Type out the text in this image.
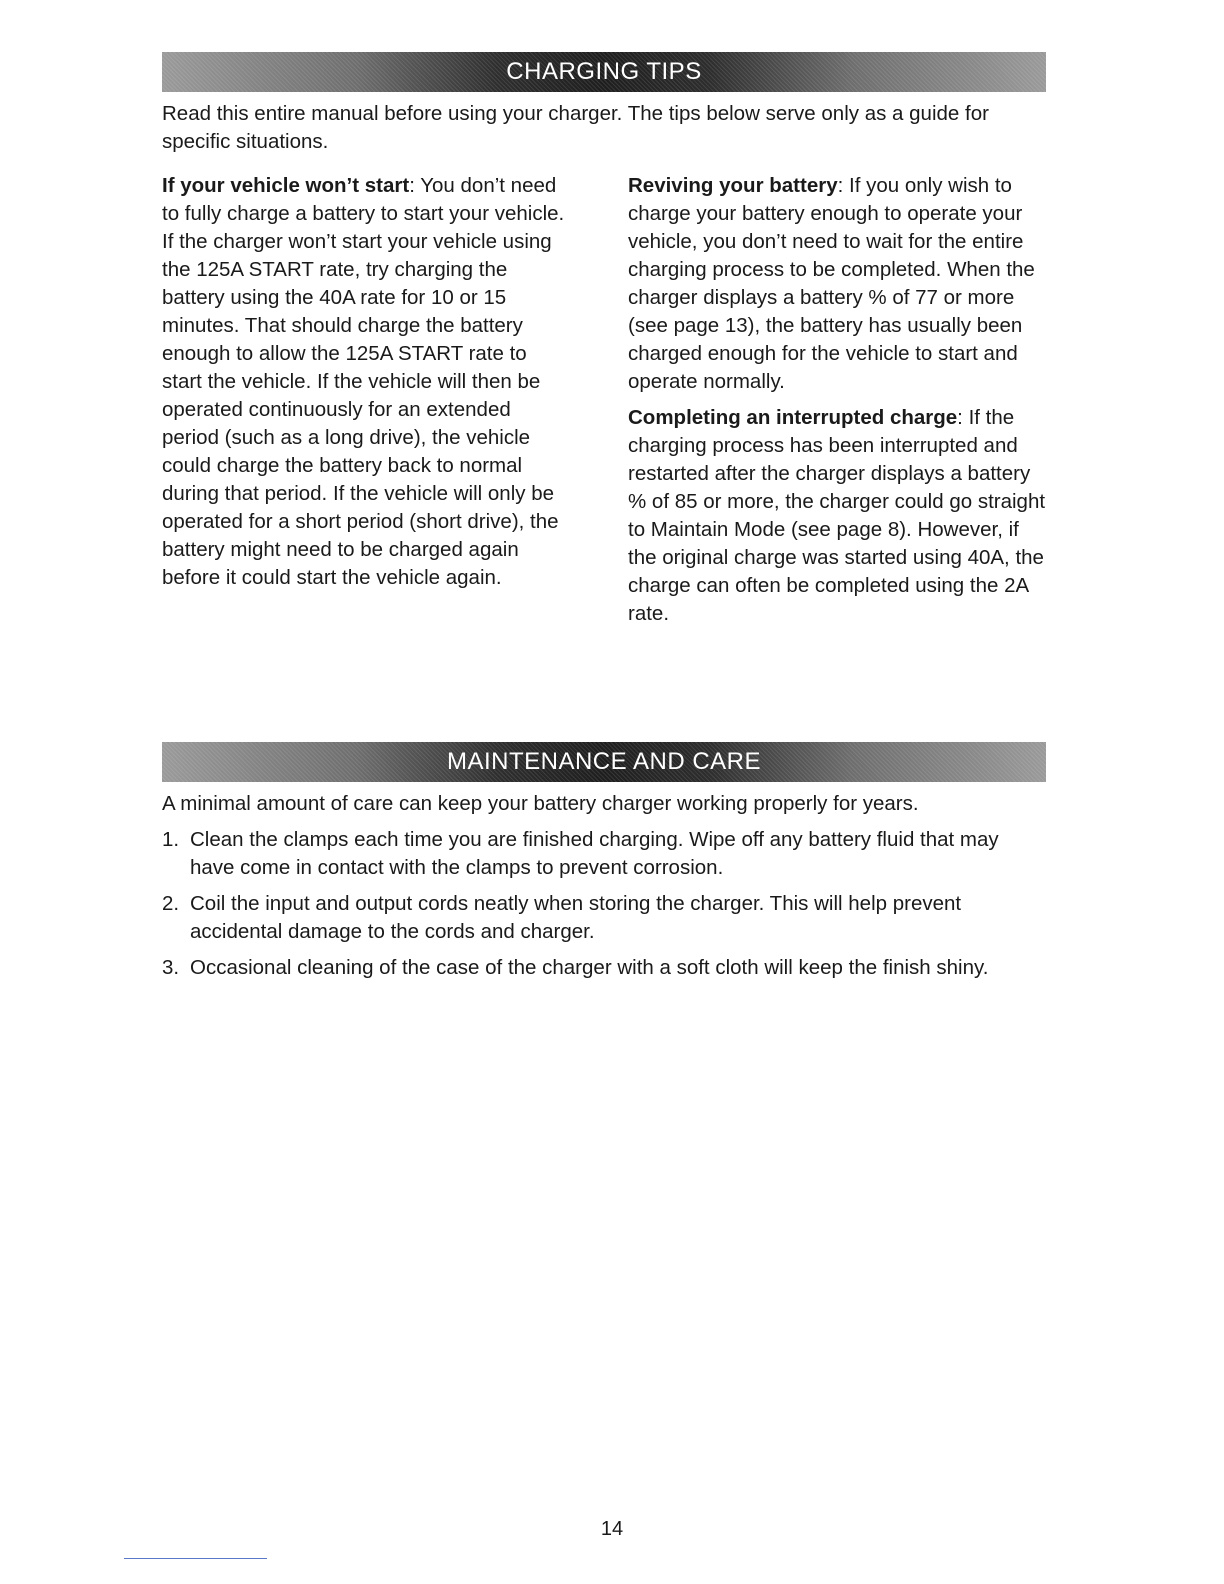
CHARGING TIPS

Read this entire manual before using your charger. The tips below serve only as a guide for specific situations.

If your vehicle won’t start: You don’t need to fully charge a battery to start your vehicle. If the charger won’t start your vehicle using the 125A START rate, try charging the battery using the 40A rate for 10 or 15 minutes. That should charge the battery enough to allow the 125A START rate to start the vehicle. If the vehicle will then be operated continuously for an extended period (such as a long drive), the vehicle could charge the battery back to normal during that period. If the vehicle will only be operated for a short period (short drive), the battery might need to be charged again before it could start the vehicle again.

Reviving your battery: If you only wish to charge your battery enough to operate your vehicle, you don’t need to wait for the entire charging process to be completed. When the charger displays a battery % of 77 or more (see page 13), the battery has usually been charged enough for the vehicle to start and operate normally.

Completing an interrupted charge: If the charging process has been interrupted and restarted after the charger displays a battery % of 85 or more, the charger could go straight to Maintain Mode (see page 8). However, if the original charge was started using 40A, the charge can often be completed using the 2A rate.

MAINTENANCE AND CARE

A minimal amount of care can keep your battery charger working properly for years.

1. Clean the clamps each time you are finished charging. Wipe off any battery fluid that may have come in contact with the clamps to prevent corrosion.
2. Coil the input and output cords neatly when storing the charger. This will help prevent accidental damage to the cords and charger.
3. Occasional cleaning of the case of the charger with a soft cloth will keep the finish shiny.
14
